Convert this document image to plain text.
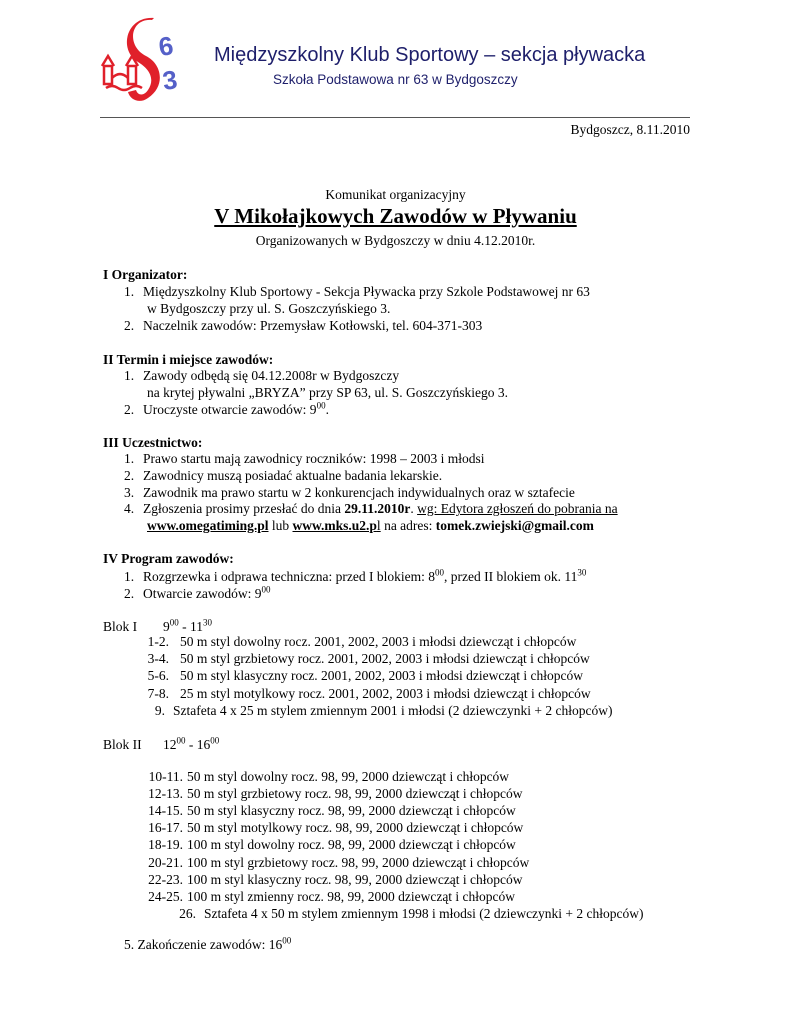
6
3
Międzyszkolny Klub Sportowy – sekcja pływacka
Szkoła Podstawowa nr 63 w Bydgoszczy
Bydgoszcz, 8.11.2010
Komunikat organizacyjny
V Mikołajkowych Zawodów w Pływaniu
Organizowanych w Bydgoszczy w dniu 4.12.2010r.
I Organizator:
1. Międzyszkolny Klub Sportowy - Sekcja Pływacka przy Szkole Podstawowej nr 63
w Bydgoszczy przy ul. S. Goszczyńskiego 3.
2. Naczelnik zawodów: Przemysław Kotłowski, tel. 604-371-303
II Termin i miejsce zawodów:
1. Zawody odbędą się 04.12.2008r w Bydgoszczy
na krytej pływalni „BRYZA” przy SP 63, ul. S. Goszczyńskiego 3.
2. Uroczyste otwarcie zawodów: $9^{00}$.
III Uczestnictwo:
1. Prawo startu mają zawodnicy roczników: 1998 – 2003 i młodsi
2. Zawodnicy muszą posiadać aktualne badania lekarskie.
3. Zawodnik ma prawo startu w 2 konkurencjach indywidualnych oraz w sztafecie
4. Zgłoszenia prosimy przesłać do dnia 29.11.2010r. wg: Edytora zgłoszeń do pobrania na
www.omegatiming.pl lub www.mks.u2.pl na adres: tomek.zwiejski@gmail.com
IV Program zawodów:
1. Rozgrzewka i odprawa techniczna: przed I blokiem: $8^{00}$, przed II blokiem ok. $11^{30}$
2. Otwarcie zawodów: $9^{00}$
Blok I $9^{00} - 11^{30}$
1-2. 50 m styl dowolny rocz. 2001, 2002, 2003 i młodsi dziewcząt i chłopców
3-4. 50 m styl grzbietowy rocz. 2001, 2002, 2003 i młodsi dziewcząt i chłopców
5-6. 50 m styl klasyczny rocz. 2001, 2002, 2003 i młodsi dziewcząt i chłopców
7-8. 25 m styl motylkowy rocz. 2001, 2002, 2003 i młodsi dziewcząt i chłopców
9. Sztafeta 4 x 25 m stylem zmiennym 2001 i młodsi (2 dziewczynki + 2 chłopców)
Blok II $12^{00} - 16^{00}$
10-11. 50 m styl dowolny rocz. 98, 99, 2000 dziewcząt i chłopców
12-13. 50 m styl grzbietowy rocz. 98, 99, 2000 dziewcząt i chłopców
14-15. 50 m styl klasyczny rocz. 98, 99, 2000 dziewcząt i chłopców
16-17. 50 m styl motylkowy rocz. 98, 99, 2000 dziewcząt i chłopców
18-19. 100 m styl dowolny rocz. 98, 99, 2000 dziewcząt i chłopców
20-21. 100 m styl grzbietowy rocz. 98, 99, 2000 dziewcząt i chłopców
22-23. 100 m styl klasyczny rocz. 98, 99, 2000 dziewcząt i chłopców
24-25. 100 m styl zmienny rocz. 98, 99, 2000 dziewcząt i chłopców
26. Sztafeta 4 x 50 m stylem zmiennym 1998 i młodsi (2 dziewczynki + 2 chłopców)
5. Zakończenie zawodów: $16^{00}$
